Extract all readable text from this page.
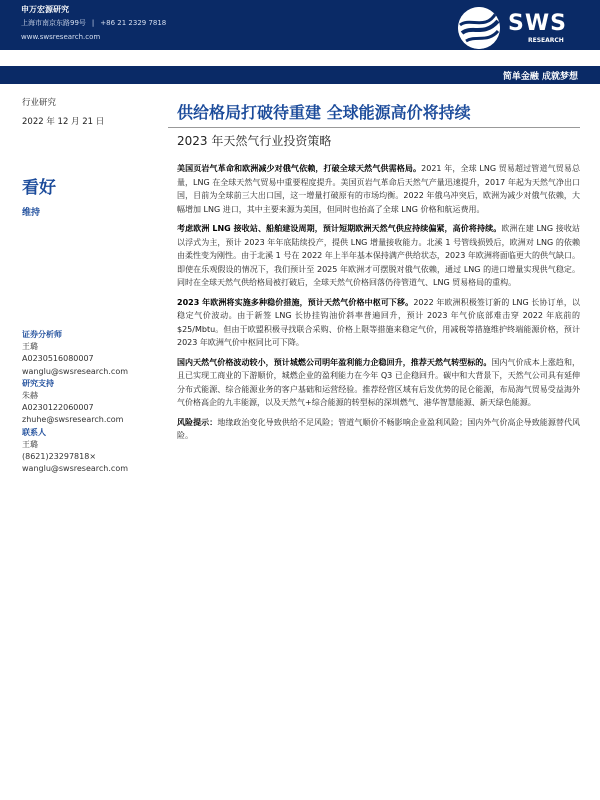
申万宏源研究
上海市南京东路99号 | +86 21 2329 7818
www.swsresearch.com
SWS
RESEARCH
简单金融 成就梦想
行业研究
2022 年 12 月 21 日
看好
维持
证券分析师
王璐
A0230516080007
wanglu@swsresearch.com
研究支持
朱赫
A0230122060007
zhuhe@swsresearch.com
联系人
王璐
(8621)23297818×
wanglu@swsresearch.com
供给格局打破待重建 全球能源高价将持续
2023 年天然气行业投资策略

美国页岩气革命和欧洲减少对俄气依赖，打破全球天然气供需格局。2021 年，全球 LNG 贸易超过管道气贸易总量，LNG 在全球天然气贸易中重要程度提升。美国页岩气革命后天然气产量迅速提升，2017 年起为天然气净出口国，目前为全球前三大出口国，这一增量打破原有的市场均衡。2022 年俄乌冲突后，欧洲为减少对俄气依赖，大幅增加 LNG 进口，其中主要来源为美国，但同时也抬高了全球 LNG 价格和航运费用。

考虑欧洲 LNG 接收站、船舶建设周期，预计短期欧洲天然气供应持续偏紧，高价将持续。欧洲在建 LNG 接收站以浮式为主，预计 2023 年年底陆续投产，提供 LNG 增量接收能力。北溪 1 号管线损毁后，欧洲对 LNG 的依赖由柔性变为刚性。由于北溪 1 号在 2022 年上半年基本保持满产供给状态，2023 年欧洲将面临更大的供气缺口。即使在乐观假设的情况下，我们预计至 2025 年欧洲才可摆脱对俄气依赖，通过 LNG 的进口增量实现供气稳定。同时在全球天然气供给格局被打破后，全球天然气价格回落仍待管道气、LNG 贸易格局的重构。

2023 年欧洲将实施多种稳价措施，预计天然气价格中枢可下移。2022 年欧洲积极签订新的 LNG 长协订单，以稳定气价波动。由于新签 LNG 长协挂钩油价斜率普遍回升，预计 2023 年气价底部难击穿 2022 年底前的$25/Mbtu。但由于欧盟积极寻找联合采购、价格上限等措施来稳定气价，用减税等措施维护终端能源价格，预计 2023 年欧洲气价中枢同比可下降。

国内天然气价格波动较小，预计城燃公司明年盈利能力企稳回升，推荐天然气转型标的。国内气价成本上涨趋和，且已实现工商业的下游顺价，城燃企业的盈利能力在今年 Q3 已企稳回升。碳中和大背景下，天然气公司具有延伸分布式能源、综合能源业务的客户基础和运营经验。推荐经营区域有后发优势的昆仑能源，布局海气贸易受益海外气价格高企的九丰能源，以及天然气+综合能源的转型标的深圳燃气、港华智慧能源、新天绿色能源。

风险提示：地缘政治变化导致供给不足风险；管道气顺价不畅影响企业盈利风险；国内外气价高企导致能源替代风险。
